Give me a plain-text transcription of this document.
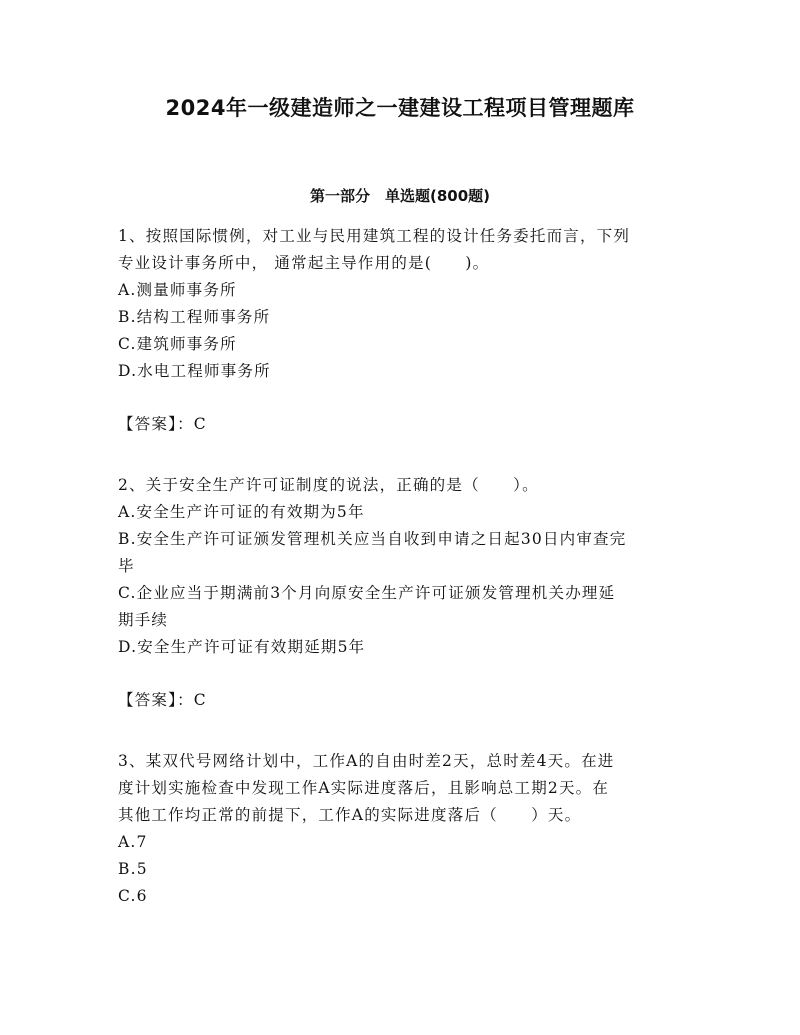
2024年一级建造师之一建建设工程项目管理题库
第一部分　单选题(800题)

1、按照国际惯例，对工业与民用建筑工程的设计任务委托而言，下列

专业设计事务所中， 通常起主导作用的是(　　)。

A.测量师事务所

B.结构工程师事务所

C.建筑师事务所

D.水电工程师事务所

【答案】：C

2、关于安全生产许可证制度的说法，正确的是（　　）。

A.安全生产许可证的有效期为5年

B.安全生产许可证颁发管理机关应当自收到申请之日起30日内审查完

毕

C.企业应当于期满前3个月向原安全生产许可证颁发管理机关办理延

期手续

D.安全生产许可证有效期延期5年

【答案】：C

3、某双代号网络计划中，工作A的自由时差2天，总时差4天。在进

度计划实施检查中发现工作A实际进度落后，且影响总工期2天。在

其他工作均正常的前提下，工作A的实际进度落后（　　）天。

A.7

B.5

C.6
